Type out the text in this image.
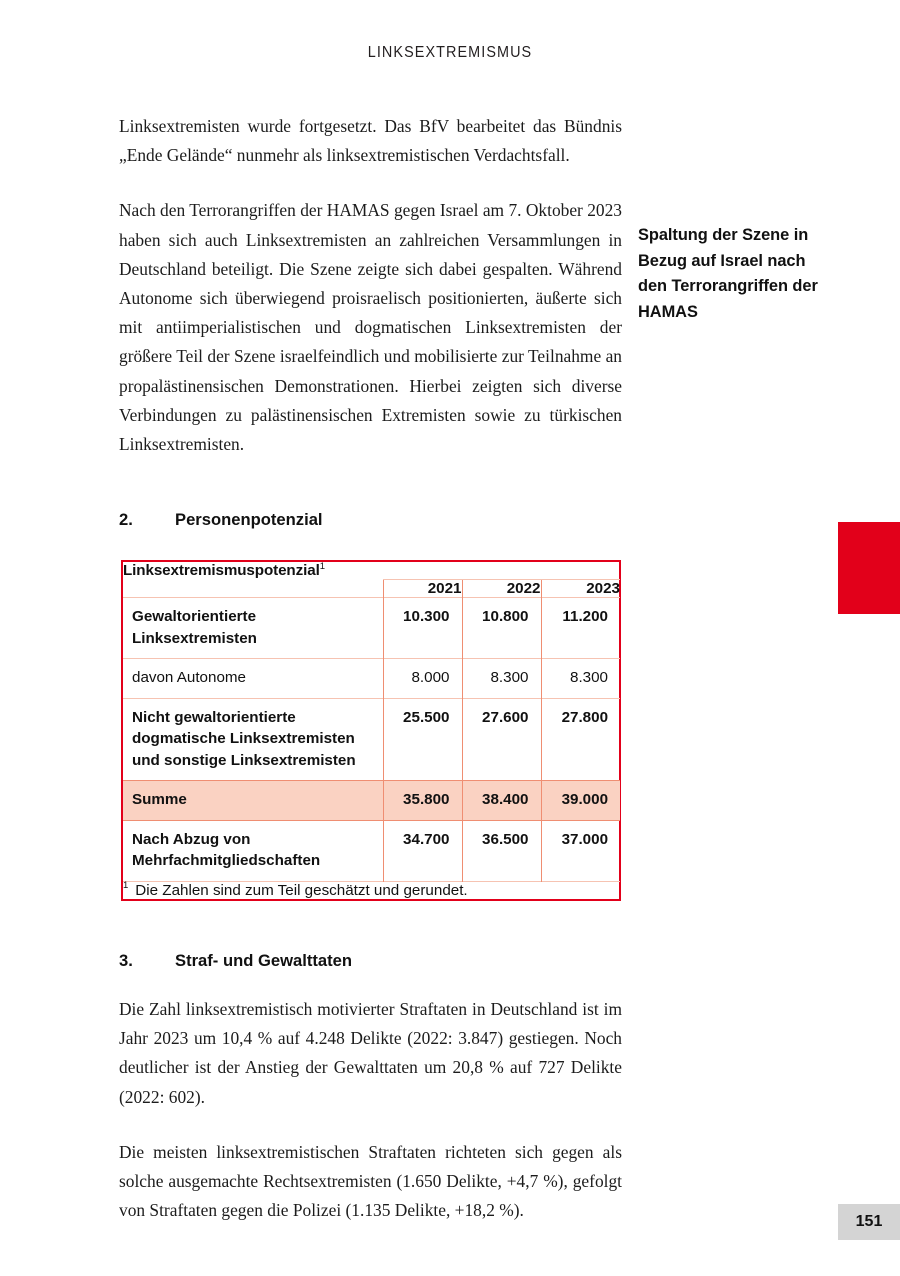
LINKSEXTREMISMUS

Linksextremisten wurde fortgesetzt. Das BfV bearbeitet das Bündnis „Ende Gelände“ nunmehr als linksextremistischen Verdachtsfall.

Nach den Terrorangriffen der HAMAS gegen Israel am 7. Oktober 2023 haben sich auch Linksextremisten an zahlreichen Versammlungen in Deutschland beteiligt. Die Szene zeigte sich dabei gespalten. Während Autonome sich überwiegend proisraelisch positionierten, äußerte sich mit antiimperialistischen und dogmatischen Linksextremisten der größere Teil der Szene israelfeindlich und mobilisierte zur Teilnahme an propalästinensischen Demonstrationen. Hierbei zeigten sich diverse Verbindungen zu palästinensischen Extremisten sowie zu türkischen Linksextremisten.

Spaltung der Szene in Bezug auf Israel nach den Terrorangriffen der HAMAS
2.	Personenpotenzial
Linksextremismuspotenzial$^1$
	2021	2022	2023
Gewaltorientierte Linksextremisten	10.300	10.800	11.200
davon Autonome	8.000	8.300	8.300
Nicht gewaltorientierte dogmatische Linksextremisten und sonstige Linksextremisten	25.500	27.600	27.800
Summe	35.800	38.400	39.000
Nach Abzug von Mehrfachmitgliedschaften	34.700	36.500	37.000
$^1$ Die Zahlen sind zum Teil geschätzt und gerundet.			
3.	Straf- und Gewalttaten

Die Zahl linksextremistisch motivierter Straftaten in Deutschland ist im Jahr 2023 um 10,4 % auf 4.248 Delikte (2022: 3.847) gestiegen. Noch deutlicher ist der Anstieg der Gewalttaten um 20,8 % auf 727 Delikte (2022: 602).

Die meisten linksextremistischen Straftaten richteten sich gegen als solche ausgemachte Rechtsextremisten (1.650 Delikte, +4,7 %), gefolgt von Straftaten gegen die Polizei (1.135 Delikte, +18,2 %).

151
